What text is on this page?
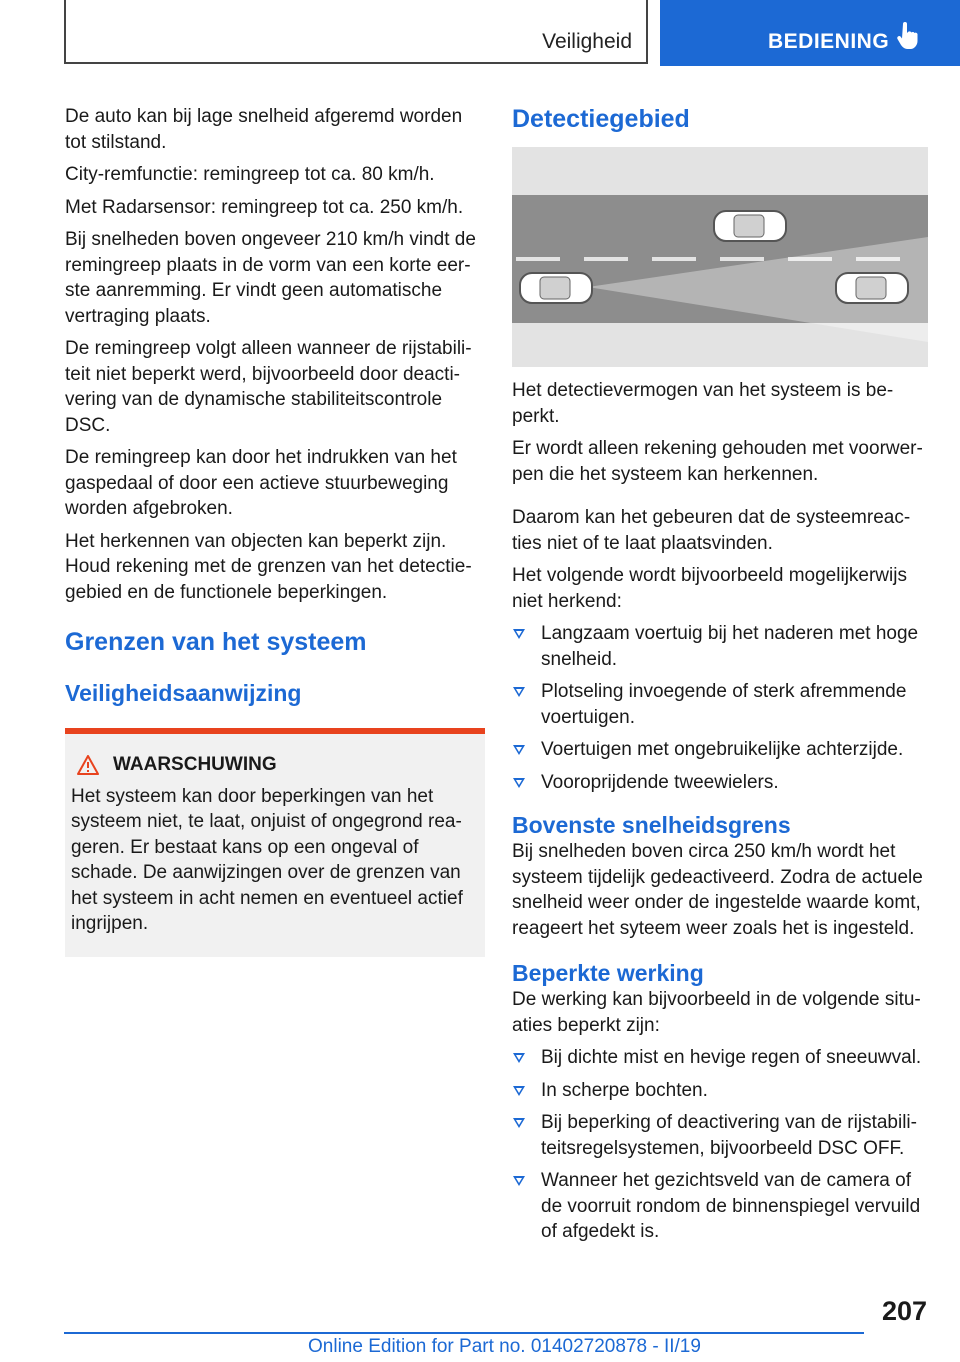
Veiligheid	BEDIENING

De auto kan bij lage snelheid afgeremd worden tot stilstand.

City-remfunctie: remingreep tot ca. 80 km/h.

Met Radarsensor: remingreep tot ca. 250 km/h.

Bij snelheden boven ongeveer 210 km/h vindt de remingreep plaats in de vorm van een korte eer-ste aanremming. Er vindt geen automatische vertraging plaats.

De remingreep volgt alleen wanneer de rijstabili-teit niet beperkt werd, bijvoorbeeld door deacti-vering van de dynamische stabiliteitscontrole DSC.

De remingreep kan door het indrukken van het gaspedaal of door een actieve stuurbeweging worden afgebroken.

Het herkennen van objecten kan beperkt zijn. Houd rekening met de grenzen van het detectie-gebied en de functionele beperkingen.

Grenzen van het systeem
Veiligheidsaanwijzing
WAARSCHUWING
Het systeem kan door beperkingen van het systeem niet, te laat, onjuist of ongegrond rea-geren. Er bestaat kans op een ongeval of schade. De aanwijzingen over de grenzen van het systeem in acht nemen en eventueel actief ingrijpen.
Detectiegebied

Het detectievermogen van het systeem is be-perkt.

Er wordt alleen rekening gehouden met voorwer-pen die het systeem kan herkennen.

Daarom kan het gebeuren dat de systeemreac-ties niet of te laat plaatsvinden.

Het volgende wordt bijvoorbeeld mogelijkerwijs niet herkend:

Langzaam voertuig bij het naderen met hoge snelheid.
Plotseling invoegende of sterk afremmende voertuigen.
Voertuigen met ongebruikelijke achterzijde.
Vooroprijdende tweewielers.
Bovenste snelheidsgrens

Bij snelheden boven circa 250 km/h wordt het systeem tijdelijk gedeactiveerd. Zodra de actuele snelheid weer onder de ingestelde waarde komt, reageert het syteem weer zoals het is ingesteld.

Beperkte werking

De werking kan bijvoorbeeld in de volgende situ-aties beperkt zijn:

Bij dichte mist en hevige regen of sneeuwval.
In scherpe bochten.
Bij beperking of deactivering van de rijstabili-teitsregelsystemen, bijvoorbeeld DSC OFF.
Wanneer het gezichtsveld van de camera of de voorruit rondom de binnenspiegel vervuild of afgedekt is.
207
Online Edition for Part no. 01402720878 - II/19
